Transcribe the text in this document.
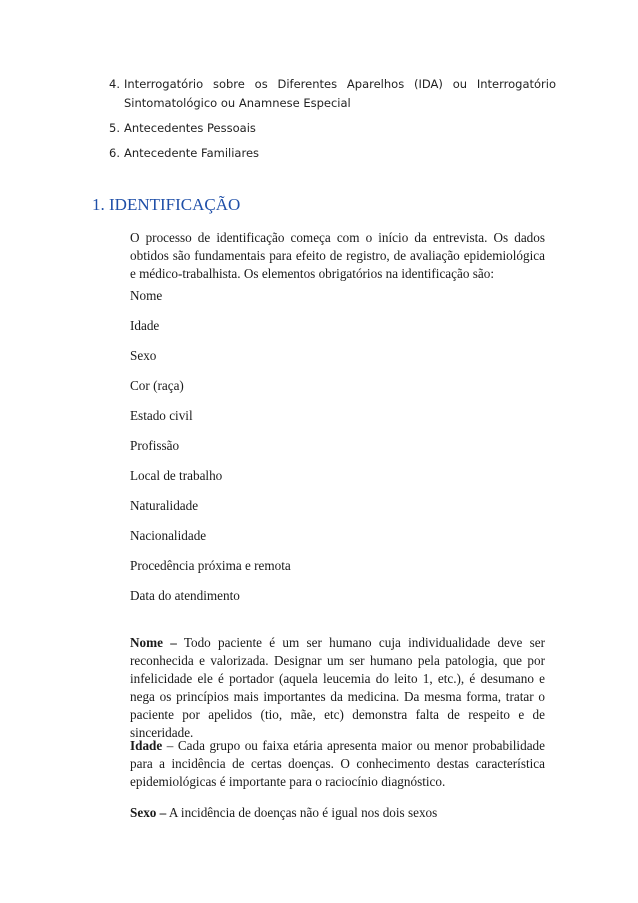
4. Interrogatório sobre os Diferentes Aparelhos (IDA) ou Interrogatório Sintomatológico ou Anamnese Especial
5. Antecedentes Pessoais
6. Antecedente Familiares
1. IDENTIFICAÇÃO

O processo de identificação começa com o início da entrevista. Os dados obtidos são fundamentais para efeito de registro, de avaliação epidemiológica e médico-trabalhista. Os elementos obrigatórios na identificação são:

Nome
Idade
Sexo
Cor (raça)
Estado civil
Profissão
Local de trabalho
Naturalidade
Nacionalidade
Procedência próxima e remota
Data do atendimento

Nome – Todo paciente é um ser humano cuja individualidade deve ser reconhecida e valorizada. Designar um ser humano pela patologia, que por infelicidade ele é portador (aquela leucemia do leito 1, etc.), é desumano e nega os princípios mais importantes da medicina. Da mesma forma, tratar o paciente por apelidos (tio, mãe, etc) demonstra falta de respeito e de sinceridade.

Idade – Cada grupo ou faixa etária apresenta maior ou menor probabilidade para a incidência de certas doenças. O conhecimento destas característica epidemiológicas é importante para o raciocínio diagnóstico.

Sexo – A incidência de doenças não é igual nos dois sexos
